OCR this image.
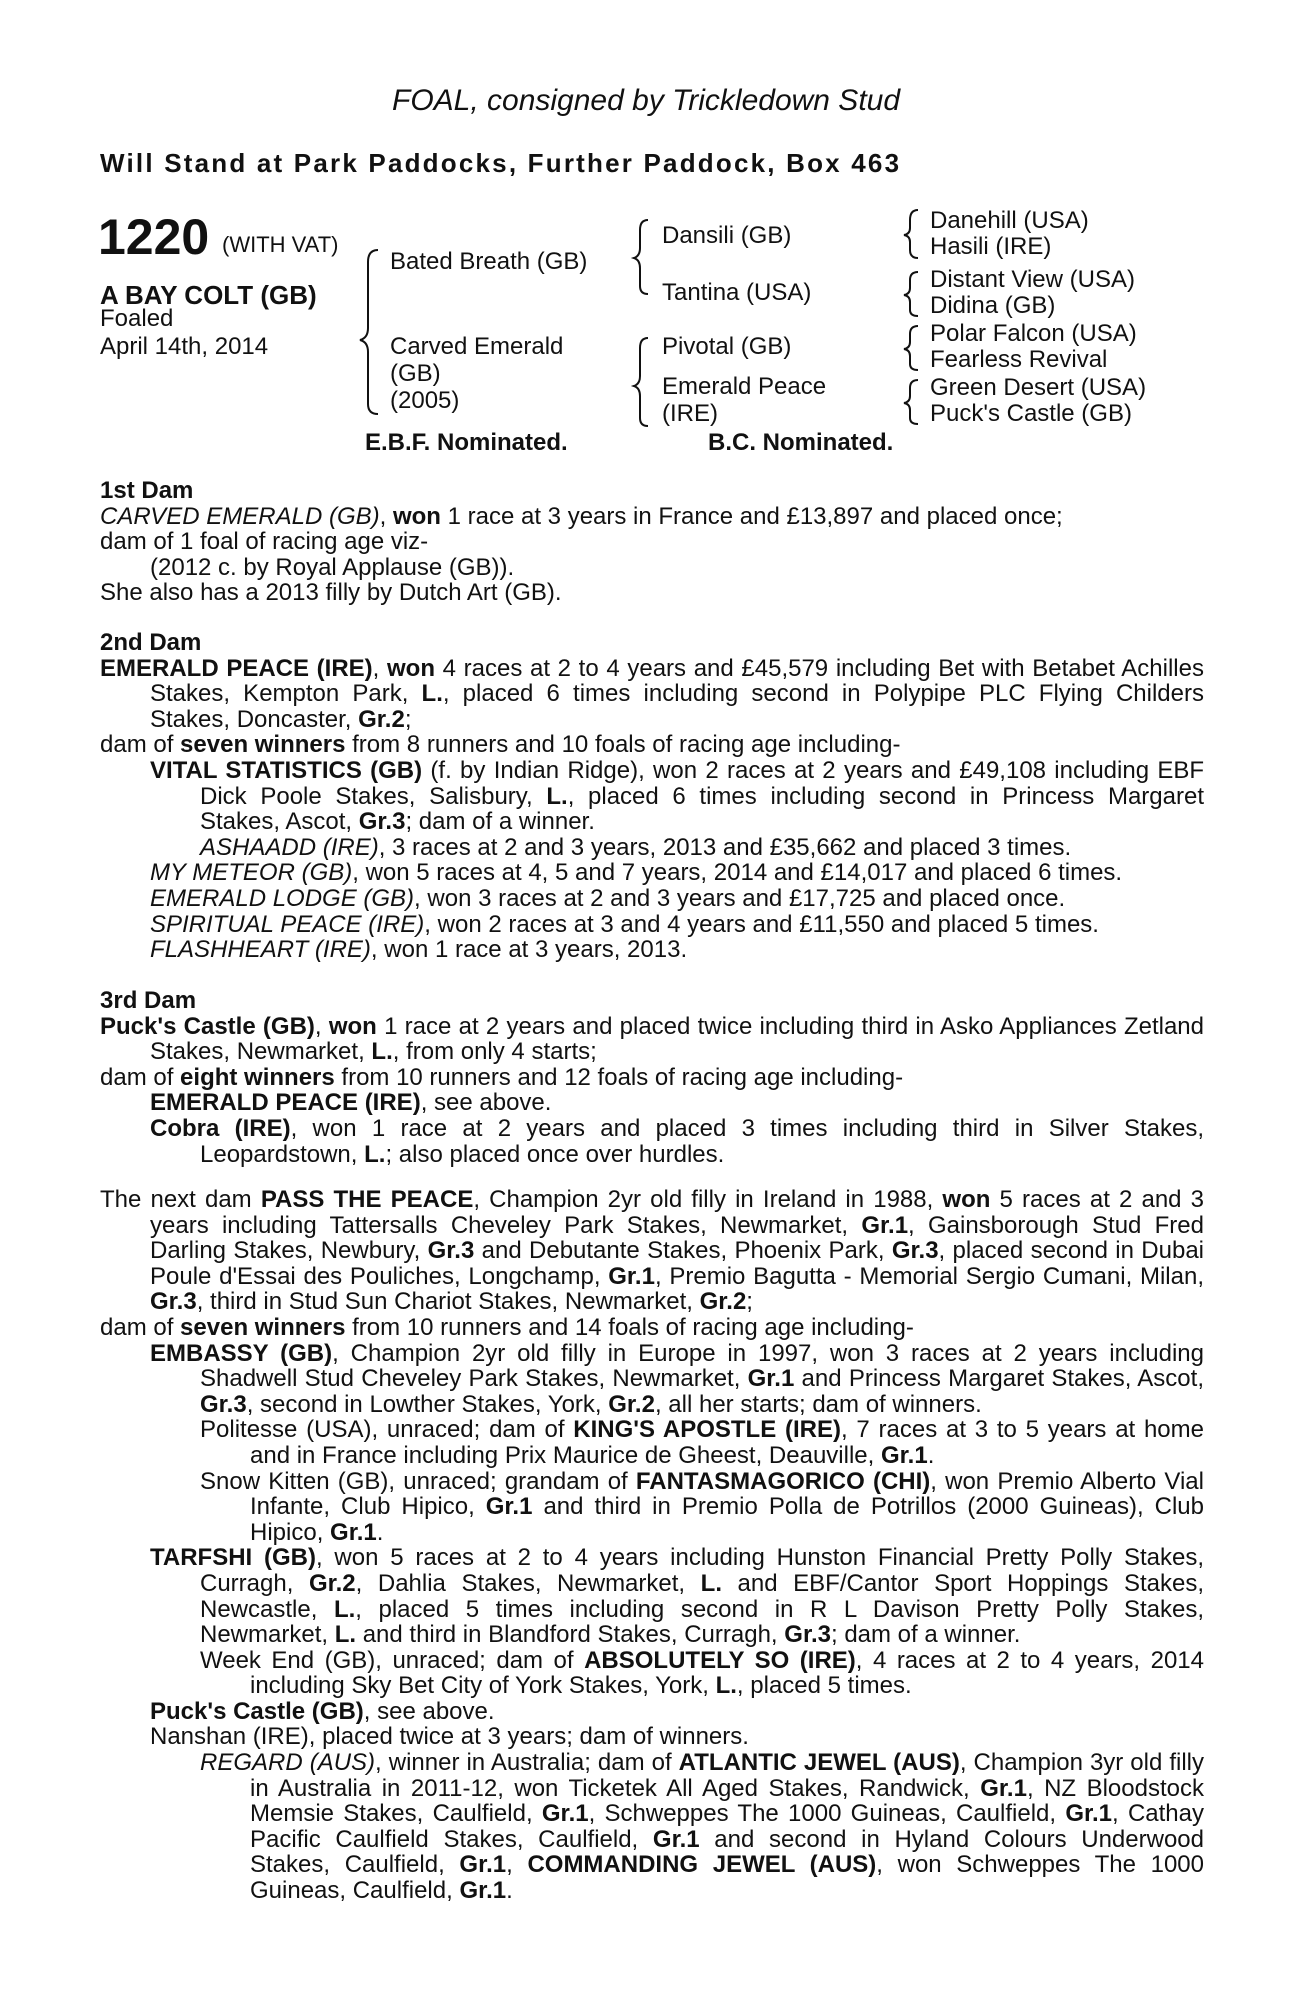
FOAL, consigned by Trickledown Stud
Will Stand at Park Paddocks, Further Paddock, Box 463
1220 (WITH VAT)
A BAY COLT (GB)
Foaled
April 14th, 2014
Bated Breath (GB)
Carved Emerald
(GB)
(2005)
Dansili (GB)
Tantina (USA)
Pivotal (GB)
Emerald Peace
(IRE)
Danehill (USA)
Hasili (IRE)
Distant View (USA)
Didina (GB)
Polar Falcon (USA)
Fearless Revival
Green Desert (USA)
Puck's Castle (GB)
E.B.F. Nominated.	B.C. Nominated.

1st Dam

CARVED EMERALD (GB), won 1 race at 3 years in France and £13,897 and placed once;

dam of 1 foal of racing age viz-

(2012 c. by Royal Applause (GB)).

She also has a 2013 filly by Dutch Art (GB).

2nd Dam

EMERALD PEACE (IRE), won 4 races at 2 to 4 years and £45,579 including Bet with Betabet Achilles Stakes, Kempton Park, L., placed 6 times including second in Polypipe PLC Flying Childers Stakes, Doncaster, Gr.2;

dam of seven winners from 8 runners and 10 foals of racing age including-

VITAL STATISTICS (GB) (f. by Indian Ridge), won 2 races at 2 years and £49,108 including EBF Dick Poole Stakes, Salisbury, L., placed 6 times including second in Princess Margaret Stakes, Ascot, Gr.3; dam of a winner.

ASHAADD (IRE), 3 races at 2 and 3 years, 2013 and £35,662 and placed 3 times.

MY METEOR (GB), won 5 races at 4, 5 and 7 years, 2014 and £14,017 and placed 6 times.

EMERALD LODGE (GB), won 3 races at 2 and 3 years and £17,725 and placed once.

SPIRITUAL PEACE (IRE), won 2 races at 3 and 4 years and £11,550 and placed 5 times.

FLASHHEART (IRE), won 1 race at 3 years, 2013.

3rd Dam

Puck's Castle (GB), won 1 race at 2 years and placed twice including third in Asko Appliances Zetland Stakes, Newmarket, L., from only 4 starts;

dam of eight winners from 10 runners and 12 foals of racing age including-

EMERALD PEACE (IRE), see above.

Cobra (IRE), won 1 race at 2 years and placed 3 times including third in Silver Stakes, Leopardstown, L.; also placed once over hurdles.

The next dam PASS THE PEACE, Champion 2yr old filly in Ireland in 1988, won 5 races at 2 and 3 years including Tattersalls Cheveley Park Stakes, Newmarket, Gr.1, Gainsborough Stud Fred Darling Stakes, Newbury, Gr.3 and Debutante Stakes, Phoenix Park, Gr.3, placed second in Dubai Poule d'Essai des Pouliches, Longchamp, Gr.1, Premio Bagutta - Memorial Sergio Cumani, Milan, Gr.3, third in Stud Sun Chariot Stakes, Newmarket, Gr.2;

dam of seven winners from 10 runners and 14 foals of racing age including-

EMBASSY (GB), Champion 2yr old filly in Europe in 1997, won 3 races at 2 years including Shadwell Stud Cheveley Park Stakes, Newmarket, Gr.1 and Princess Margaret Stakes, Ascot, Gr.3, second in Lowther Stakes, York, Gr.2, all her starts; dam of winners.

Politesse (USA), unraced; dam of KING'S APOSTLE (IRE), 7 races at 3 to 5 years at home and in France including Prix Maurice de Gheest, Deauville, Gr.1.

Snow Kitten (GB), unraced; grandam of FANTASMAGORICO (CHI), won Premio Alberto Vial Infante, Club Hipico, Gr.1 and third in Premio Polla de Potrillos (2000 Guineas), Club Hipico, Gr.1.

TARFSHI (GB), won 5 races at 2 to 4 years including Hunston Financial Pretty Polly Stakes, Curragh, Gr.2, Dahlia Stakes, Newmarket, L. and EBF/Cantor Sport Hoppings Stakes, Newcastle, L., placed 5 times including second in R L Davison Pretty Polly Stakes, Newmarket, L. and third in Blandford Stakes, Curragh, Gr.3; dam of a winner.

Week End (GB), unraced; dam of ABSOLUTELY SO (IRE), 4 races at 2 to 4 years, 2014 including Sky Bet City of York Stakes, York, L., placed 5 times.

Puck's Castle (GB), see above.

Nanshan (IRE), placed twice at 3 years; dam of winners.

REGARD (AUS), winner in Australia; dam of ATLANTIC JEWEL (AUS), Champion 3yr old filly in Australia in 2011-12, won Ticketek All Aged Stakes, Randwick, Gr.1, NZ Bloodstock Memsie Stakes, Caulfield, Gr.1, Schweppes The 1000 Guineas, Caulfield, Gr.1, Cathay Pacific Caulfield Stakes, Caulfield, Gr.1 and second in Hyland Colours Underwood Stakes, Caulfield, Gr.1, COMMANDING JEWEL (AUS), won Schweppes The 1000 Guineas, Caulfield, Gr.1.
